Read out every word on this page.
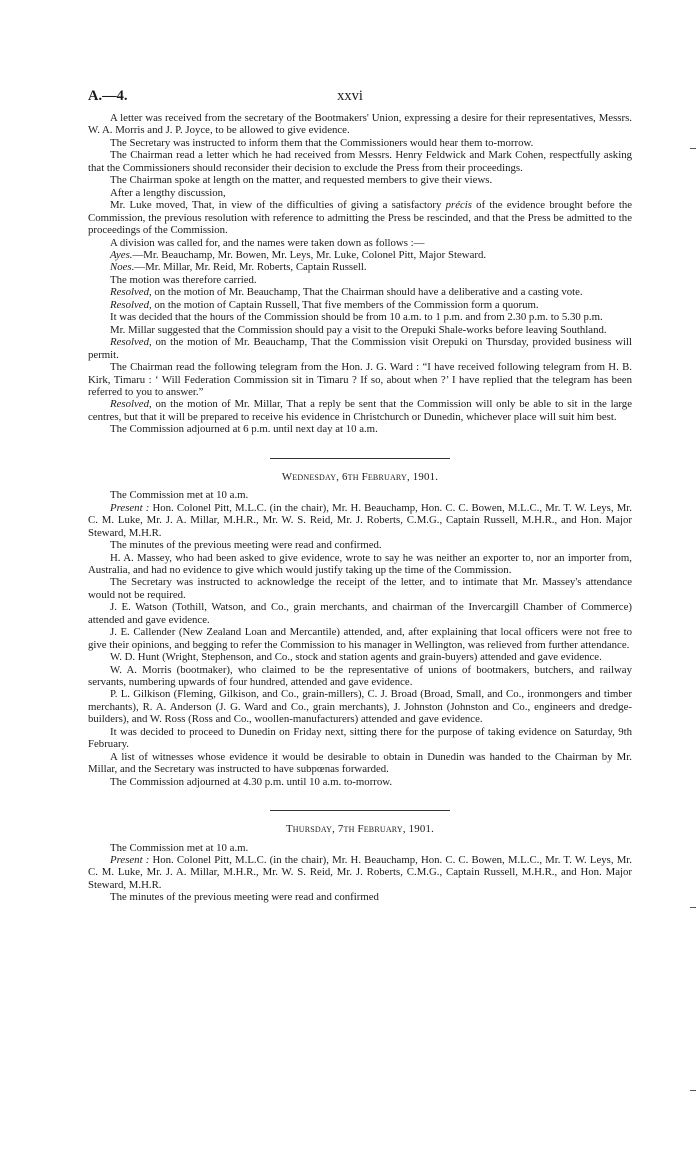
A.—4.	xxvi

A letter was received from the secretary of the Bootmakers' Union, expressing a desire for their representatives, Messrs. W. A. Morris and J. P. Joyce, to be allowed to give evidence.

The Secretary was instructed to inform them that the Commissioners would hear them to-morrow.

The Chairman read a letter which he had received from Messrs. Henry Feldwick and Mark Cohen, respectfully asking that the Commissioners should reconsider their decision to exclude the Press from their proceedings.

The Chairman spoke at length on the matter, and requested members to give their views.

After a lengthy discussion,

Mr. Luke moved, That, in view of the difficulties of giving a satisfactory précis of the evidence brought before the Commission, the previous resolution with reference to admitting the Press be rescinded, and that the Press be admitted to the proceedings of the Commission.

A division was called for, and the names were taken down as follows :—

Ayes.—Mr. Beauchamp, Mr. Bowen, Mr. Leys, Mr. Luke, Colonel Pitt, Major Steward.

Noes.—Mr. Millar, Mr. Reid, Mr. Roberts, Captain Russell.

The motion was therefore carried.

Resolved, on the motion of Mr. Beauchamp, That the Chairman should have a deliberative and a casting vote.

Resolved, on the motion of Captain Russell, That five members of the Commission form a quorum.

It was decided that the hours of the Commission should be from 10 a.m. to 1 p.m. and from 2.30 p.m. to 5.30 p.m.

Mr. Millar suggested that the Commission should pay a visit to the Orepuki Shale-works before leaving Southland.

Resolved, on the motion of Mr. Beauchamp, That the Commission visit Orepuki on Thursday, provided business will permit.

The Chairman read the following telegram from the Hon. J. G. Ward : “I have received following telegram from H. B. Kirk, Timaru : ‘ Will Federation Commission sit in Timaru ? If so, about when ?’ I have replied that the telegram has been referred to you to answer.”

Resolved, on the motion of Mr. Millar, That a reply be sent that the Commission will only be able to sit in the large centres, but that it will be prepared to receive his evidence in Christchurch or Dunedin, whichever place will suit him best.

The Commission adjourned at 6 p.m. until next day at 10 a.m.

Wednesday, 6th February, 1901.

The Commission met at 10 a.m.

Present : Hon. Colonel Pitt, M.L.C. (in the chair), Mr. H. Beauchamp, Hon. C. C. Bowen, M.L.C., Mr. T. W. Leys, Mr. C. M. Luke, Mr. J. A. Millar, M.H.R., Mr. W. S. Reid, Mr. J. Roberts, C.M.G., Captain Russell, M.H.R., and Hon. Major Steward, M.H.R.

The minutes of the previous meeting were read and confirmed.

H. A. Massey, who had been asked to give evidence, wrote to say he was neither an exporter to, nor an importer from, Australia, and had no evidence to give which would justify taking up the time of the Commission.

The Secretary was instructed to acknowledge the receipt of the letter, and to intimate that Mr. Massey's attendance would not be required.

J. E. Watson (Tothill, Watson, and Co., grain merchants, and chairman of the Invercargill Chamber of Commerce) attended and gave evidence.

J. E. Callender (New Zealand Loan and Mercantile) attended, and, after explaining that local officers were not free to give their opinions, and begging to refer the Commission to his manager in Wellington, was relieved from further attendance.

W. D. Hunt (Wright, Stephenson, and Co., stock and station agents and grain-buyers) attended and gave evidence.

W. A. Morris (bootmaker), who claimed to be the representative of unions of bootmakers, butchers, and railway servants, numbering upwards of four hundred, attended and gave evidence.

P. L. Gilkison (Fleming, Gilkison, and Co., grain-millers), C. J. Broad (Broad, Small, and Co., ironmongers and timber merchants), R. A. Anderson (J. G. Ward and Co., grain merchants), J. Johnston (Johnston and Co., engineers and dredge-builders), and W. Ross (Ross and Co., woollen-manufacturers) attended and gave evidence.

It was decided to proceed to Dunedin on Friday next, sitting there for the purpose of taking evidence on Saturday, 9th February.

A list of witnesses whose evidence it would be desirable to obtain in Dunedin was handed to the Chairman by Mr. Millar, and the Secretary was instructed to have subpœnas forwarded.

The Commission adjourned at 4.30 p.m. until 10 a.m. to-morrow.

Thursday, 7th February, 1901.

The Commission met at 10 a.m.

Present : Hon. Colonel Pitt, M.L.C. (in the chair), Mr. H. Beauchamp, Hon. C. C. Bowen, M.L.C., Mr. T. W. Leys, Mr. C. M. Luke, Mr. J. A. Millar, M.H.R., Mr. W. S. Reid, Mr. J. Roberts, C.M.G., Captain Russell, M.H.R., and Hon. Major Steward, M.H.R.

The minutes of the previous meeting were read and confirmed
